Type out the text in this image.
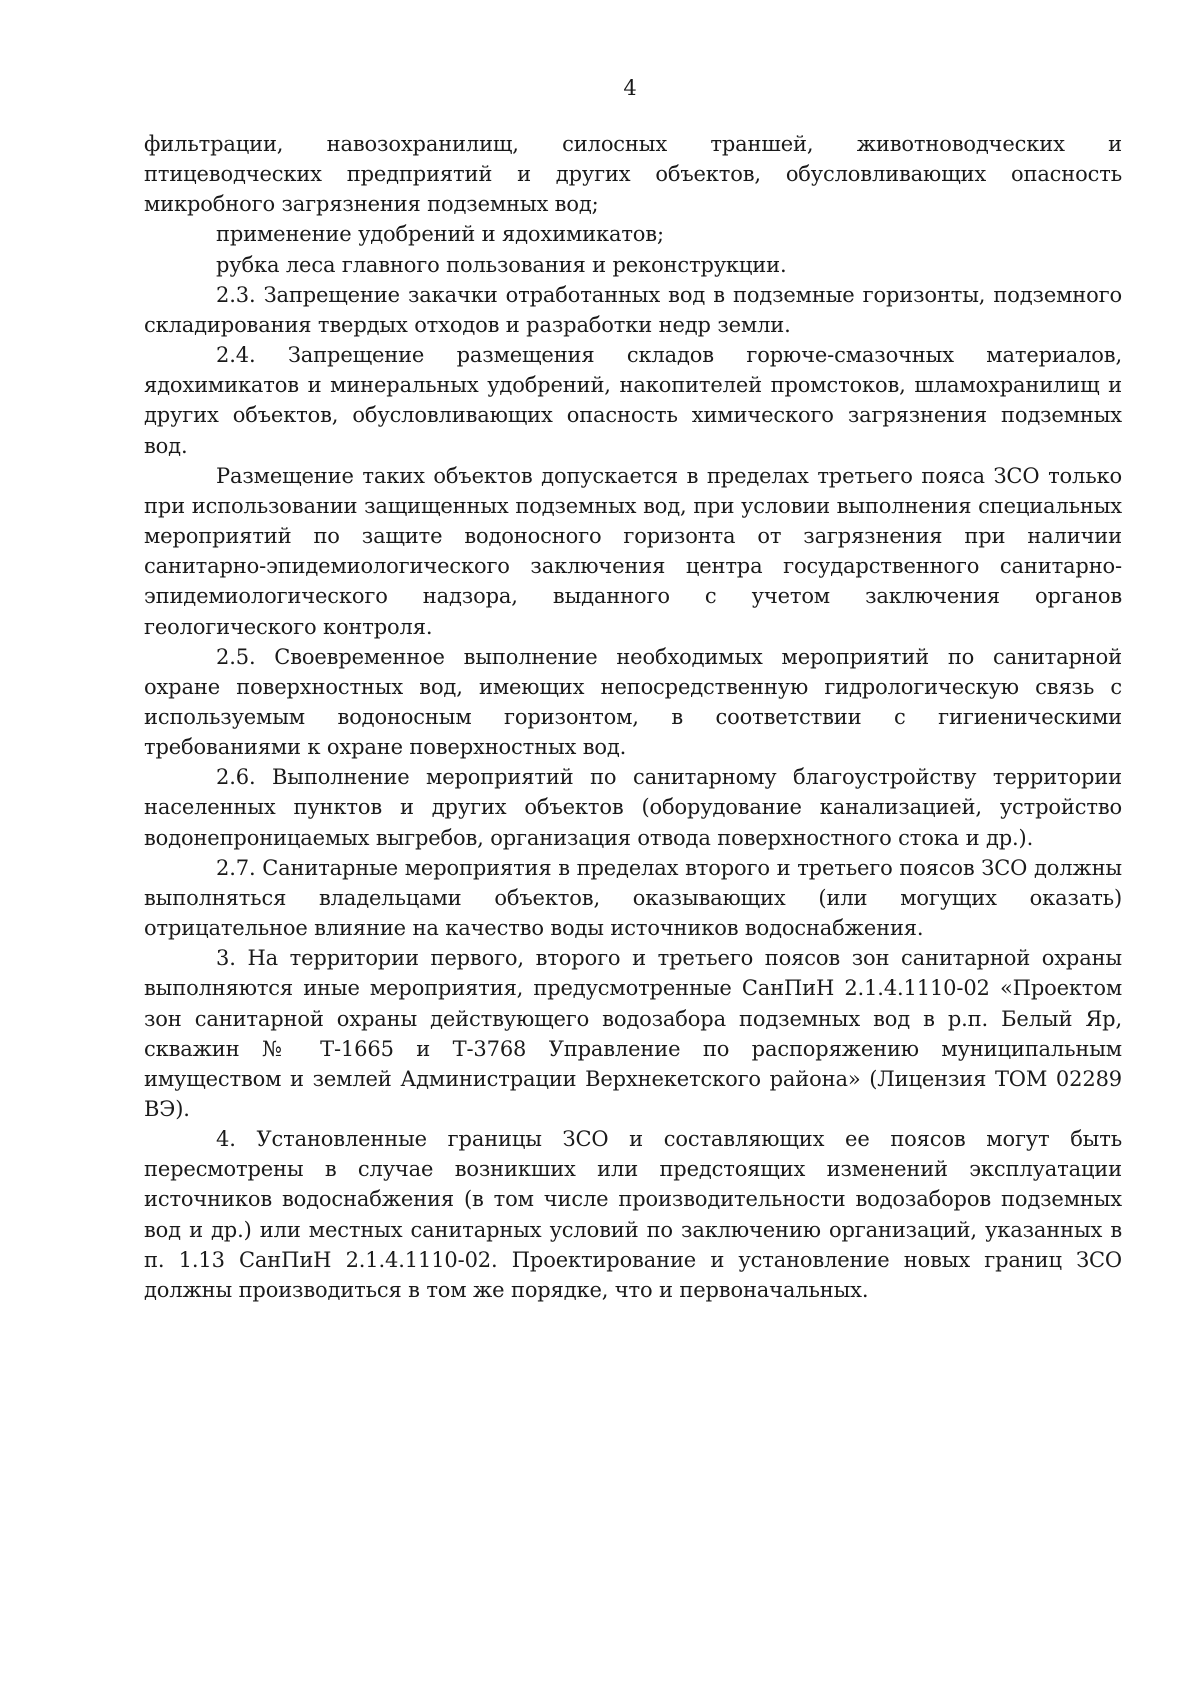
4

фильтрации, навозохранилищ, силосных траншей, животноводческих и птицеводческих предприятий и других объектов, обусловливающих опасность микробного загрязнения подземных вод;

применение удобрений и ядохимикатов;

рубка леса главного пользования и реконструкции.

2.3. Запрещение закачки отработанных вод в подземные горизонты, подземного складирования твердых отходов и разработки недр земли.

2.4. Запрещение размещения складов горюче-смазочных материалов, ядохимикатов и минеральных удобрений, накопителей промстоков, шламохранилищ и других объектов, обусловливающих опасность химического загрязнения подземных вод.

Размещение таких объектов допускается в пределах третьего пояса ЗСО только при использовании защищенных подземных вод, при условии выполнения специальных мероприятий по защите водоносного горизонта от загрязнения при наличии санитарно-эпидемиологического заключения центра государственного санитарно-эпидемиологического надзора, выданного с учетом заключения органов геологического контроля.

2.5. Своевременное выполнение необходимых мероприятий по санитарной охране поверхностных вод, имеющих непосредственную гидрологическую связь с используемым водоносным горизонтом, в соответствии с гигиеническими требованиями к охране поверхностных вод.

2.6. Выполнение мероприятий по санитарному благоустройству территории населенных пунктов и других объектов (оборудование канализацией, устройство водонепроницаемых выгребов, организация отвода поверхностного стока и др.).

2.7. Санитарные мероприятия в пределах второго и третьего поясов ЗСО должны выполняться владельцами объектов, оказывающих (или могущих оказать) отрицательное влияние на качество воды источников водоснабжения.

3. На территории первого, второго и третьего поясов зон санитарной охраны выполняются иные мероприятия, предусмотренные СанПиН 2.1.4.1110-02 «Проектом зон санитарной охраны действующего водозабора подземных вод в р.п. Белый Яр, скважин № Т-1665 и Т-3768 Управление по распоряжению муниципальным имуществом и землей Администрации Верхнекетского района» (Лицензия ТОМ 02289 ВЭ).

4. Установленные границы ЗСО и составляющих ее поясов могут быть пересмотрены в случае возникших или предстоящих изменений эксплуатации источников водоснабжения (в том числе производительности водозаборов подземных вод и др.) или местных санитарных условий по заключению организаций, указанных в п. 1.13 СанПиН 2.1.4.1110-02. Проектирование и установление новых границ ЗСО должны производиться в том же порядке, что и первоначальных.
